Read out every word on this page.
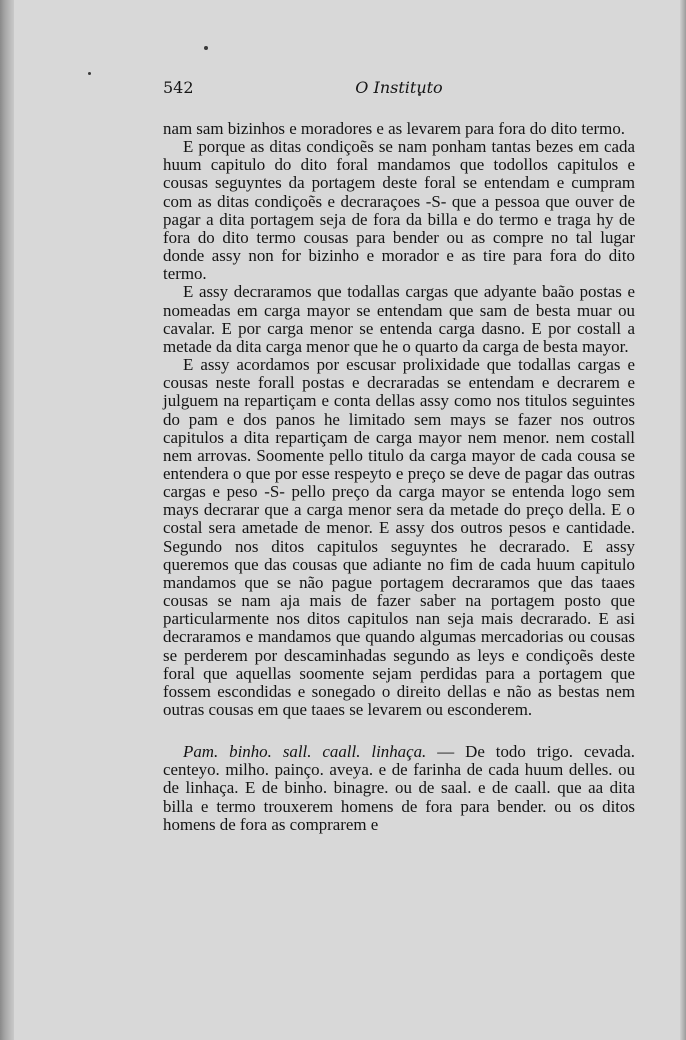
542	O Instituto

nam sam bizinhos e moradores e as levarem para fora do dito termo.

E porque as ditas condiçoẽs se nam ponham tantas bezes em cada huum capitulo do dito foral mandamos que todollos capitulos e cousas seguyntes da portagem deste foral se entendam e cumpram com as ditas condiçoẽs e decraraçoes -S- que a pessoa que ouver de pagar a dita portagem seja de fora da billa e do termo e traga hy de fora do dito termo cousas para bender ou as compre no tal lugar donde assy non for bizinho e morador e as tire para fora do dito termo.

E assy decraramos que todallas cargas que adyante baão postas e nomeadas em carga mayor se entendam que sam de besta muar ou cavalar. E por carga menor se entenda carga dasno. E por costall a metade da dita carga menor que he o quarto da carga de besta mayor.

E assy acordamos por escusar prolixidade que todallas cargas e cousas neste forall postas e decraradas se entendam e decrarem e julguem na repartiçam e conta dellas assy como nos titulos seguintes do pam e dos panos he limitado sem mays se fazer nos outros capitulos a dita repartiçam de carga mayor nem menor. nem costall nem arrovas. Soomente pello titulo da carga mayor de cada cousa se entendera o que por esse respeyto e preço se deve de pagar das outras cargas e peso -S- pello preço da carga mayor se entenda logo sem mays decrarar que a carga menor sera da metade do preço della. E o costal sera ametade de menor. E assy dos outros pesos e cantidade. Segundo nos ditos capitulos seguyntes he decrarado. E assy queremos que das cousas que adiante no fim de cada huum capitulo mandamos que se não pague portagem decraramos que das taaes cousas se nam aja mais de fazer saber na portagem posto que particularmente nos ditos capitulos nan seja mais decrarado. E asi decraramos e mandamos que quando algumas mercadorias ou cousas se perderem por descaminhadas segundo as leys e condiçoẽs deste foral que aquellas soomente sejam perdidas para a portagem que fossem escondidas e sonegado o direito dellas e não as bestas nem outras cousas em que taaes se levarem ou esconderem.

Pam. binho. sall. caall. linhaça. — De todo trigo. cevada. centeyo. milho. painço. aveya. e de farinha de cada huum delles. ou de linhaça. E de binho. binagre. ou de saal. e de caall. que aa dita billa e termo trouxerem homens de fora para bender. ou os ditos homens de fora as comprarem e
